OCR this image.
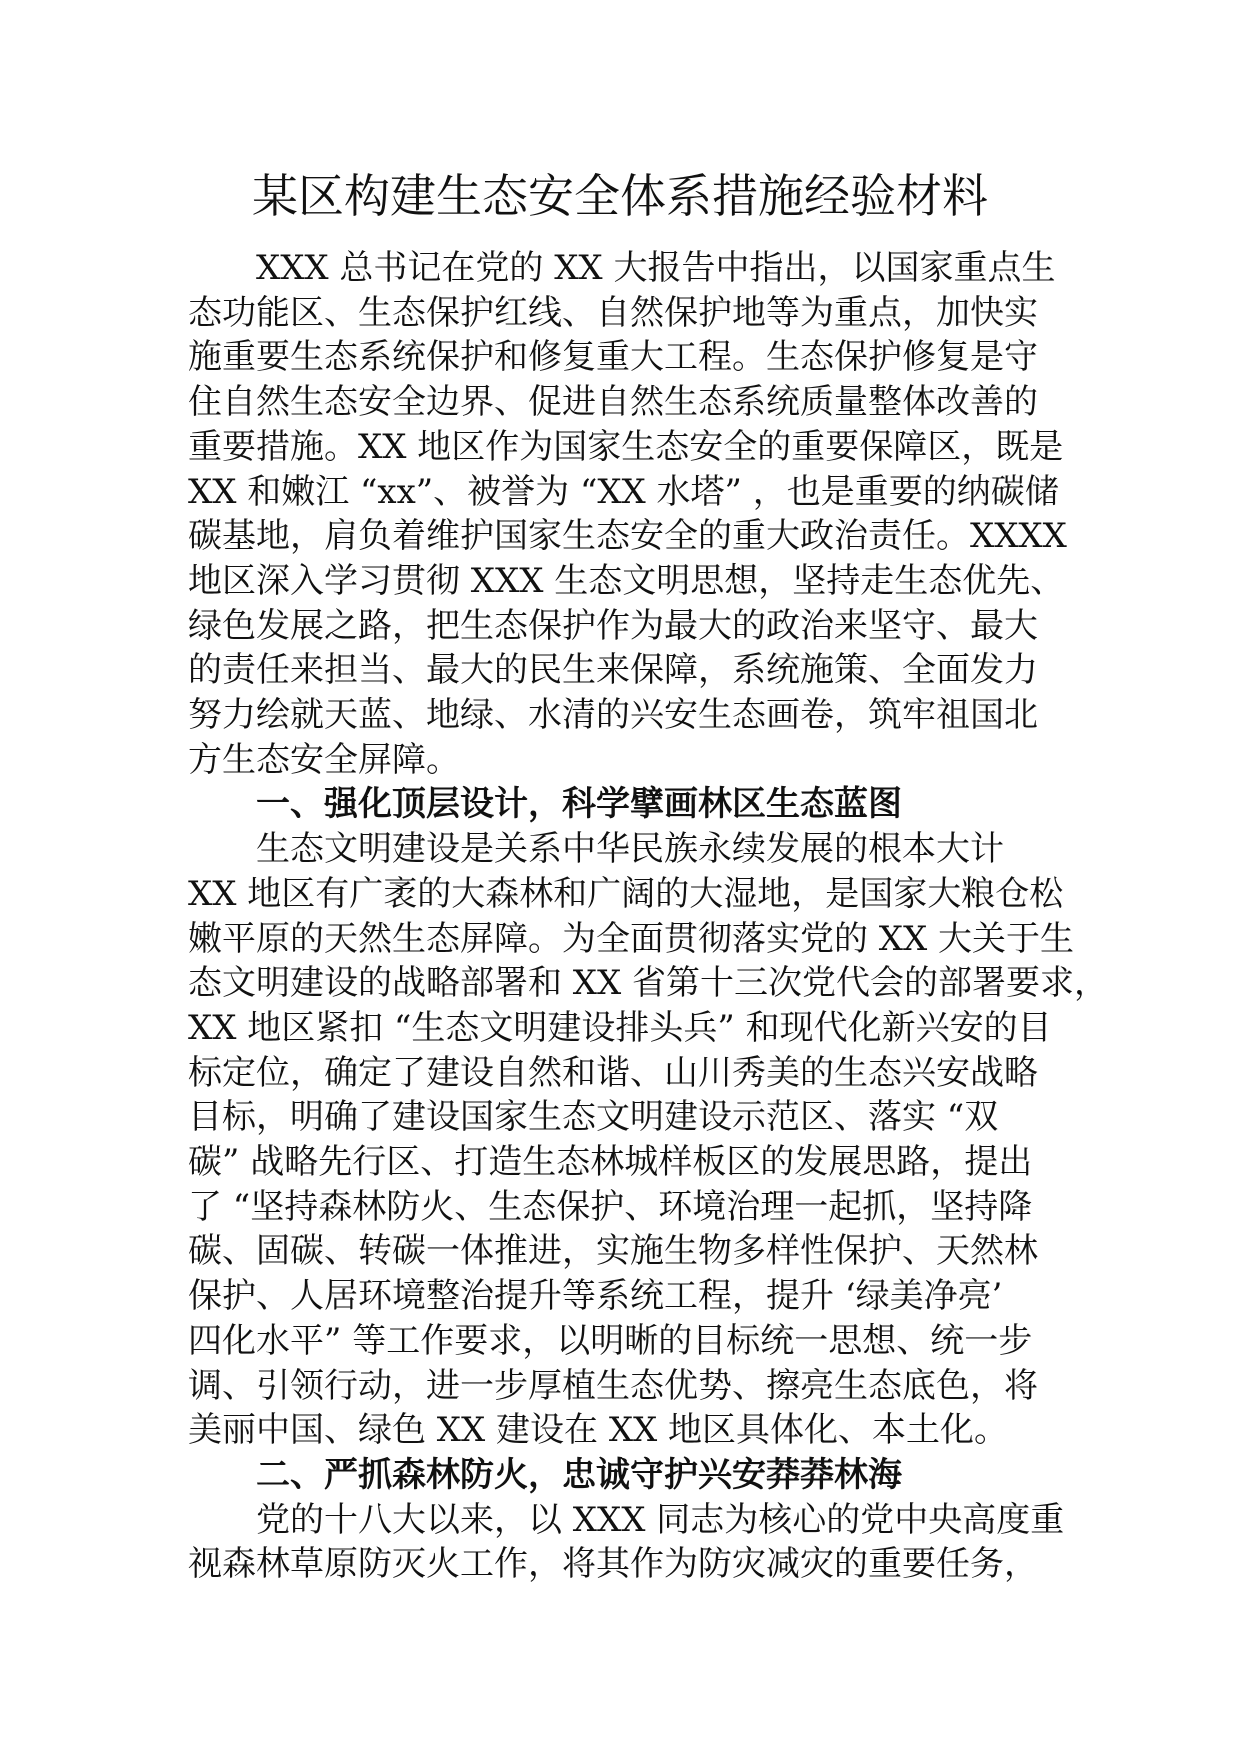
某区构建生态安全体系措施经验材料
XXX 总书记在党的 XX 大报告中指出，以国家重点生
态功能区、生态保护红线、自然保护地等为重点，加快实
施重要生态系统保护和修复重大工程。生态保护修复是守
住自然生态安全边界、促进自然生态系统质量整体改善的
重要措施。XX 地区作为国家生态安全的重要保障区，既是
XX 和嫩江 “xx”、被誉为 “XX 水塔” ，也是重要的纳碳储
碳基地，肩负着维护国家生态安全的重大政治责任。XXXX
地区深入学习贯彻 XXX 生态文明思想，坚持走生态优先、
绿色发展之路，把生态保护作为最大的政治来坚守、最大
的责任来担当、最大的民生来保障，系统施策、全面发力
努力绘就天蓝、地绿、水清的兴安生态画卷，筑牢祖国北
方生态安全屏障。
一、强化顶层设计，科学擘画林区生态蓝图
生态文明建设是关系中华民族永续发展的根本大计
XX 地区有广袤的大森林和广阔的大湿地，是国家大粮仓松
嫩平原的天然生态屏障。为全面贯彻落实党的 XX 大关于生
态文明建设的战略部署和 XX 省第十三次党代会的部署要求，
XX 地区紧扣 “生态文明建设排头兵” 和现代化新兴安的目
标定位，确定了建设自然和谐、山川秀美的生态兴安战略
目标，明确了建设国家生态文明建设示范区、落实 “双
碳” 战略先行区、打造生态林城样板区的发展思路，提出
了 “坚持森林防火、生态保护、环境治理一起抓，坚持降
碳、固碳、转碳一体推进，实施生物多样性保护、天然林
保护、人居环境整治提升等系统工程，提升 ‘绿美净亮’
四化水平” 等工作要求，以明晰的目标统一思想、统一步
调、引领行动，进一步厚植生态优势、擦亮生态底色，将
美丽中国、绿色 XX 建设在 XX 地区具体化、本土化。
二、严抓森林防火，忠诚守护兴安莽莽林海
党的十八大以来，以 XXX 同志为核心的党中央高度重
视森林草原防灭火工作，将其作为防灾减灾的重要任务，
